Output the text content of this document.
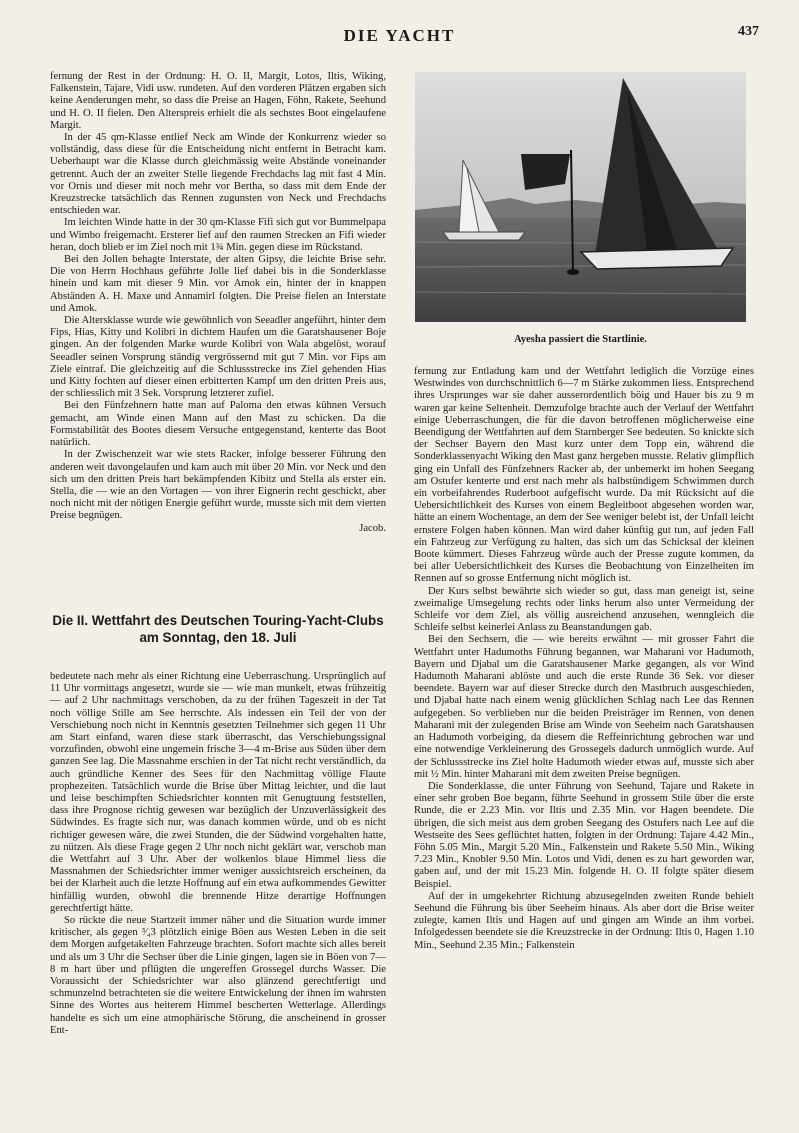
DIE YACHT	437

fernung der Rest in der Ordnung: H. O. II, Margit, Lotos, Iltis, Wiking, Falkenstein, Tajare, Vidi usw. rundeten. Auf den vorderen Plätzen ergaben sich keine Aenderungen mehr, so dass die Preise an Hagen, Föhn, Rakete, Seehund und H. O. II fielen. Den Alterspreis erhielt die als sechstes Boot eingelaufene Margit.

In der 45 qm-Klasse entlief Neck am Winde der Konkurrenz wieder so vollständig, dass diese für die Entscheidung nicht entfernt in Betracht kam. Ueberhaupt war die Klasse durch gleichmässig weite Abstände voneinander getrennt. Auch der an zweiter Stelle liegende Frechdachs lag mit fast 4 Min. vor Ornis und dieser mit noch mehr vor Bertha, so dass mit dem Ende der Kreuzstrecke tatsächlich das Rennen zugunsten von Neck und Frechdachs entschieden war.

Im leichten Winde hatte in der 30 qm-Klasse Fifi sich gut vor Bummelpapa und Wimbo freigemacht. Ersterer lief auf den raumen Strecken an Fifi wieder heran, doch blieb er im Ziel noch mit 1¾ Min. gegen diese im Rückstand.

Bei den Jollen behagte Interstate, der alten Gipsy, die leichte Brise sehr. Die von Herrn Hochhaus geführte Jolle lief dabei bis in die Sonderklasse hinein und kam mit dieser 9 Min. vor Amok ein, hinter der in knappen Abständen A. H. Maxe und Annamirl folgten. Die Preise fielen an Interstate und Amok.

Die Altersklasse wurde wie gewöhnlich von Seeadler angeführt, hinter dem Fips, Hias, Kitty und Kolibri in dichtem Haufen um die Garatshausener Boje gingen. An der folgenden Marke wurde Kolibri von Wala abgelöst, worauf Seeadler seinen Vorsprung ständig vergrössernd mit gut 7 Min. vor Fips am Ziele eintraf. Die gleichzeitig auf die Schlussstrecke ins Ziel gehenden Hias und Kitty fochten auf dieser einen erbitterten Kampf um den dritten Preis aus, der schliesslich mit 3 Sek. Vorsprung letzterer zufiel.

Bei den Fünfzehnern hatte man auf Paloma den etwas kühnen Versuch gemacht, am Winde einen Mann auf den Mast zu schicken. Da die Formstabilität des Bootes diesem Versuche entgegenstand, kenterte das Boot natürlich.

In der Zwischenzeit war wie stets Racker, infolge besserer Führung den anderen weit davongelaufen und kam auch mit über 20 Min. vor Neck und den sich um den dritten Preis hart bekämpfenden Kibitz und Stella als erster ein. Stella, die — wie an den Vortagen — von ihrer Eignerin recht geschickt, aber noch nicht mit der nötigen Energie geführt wurde, musste sich mit dem vierten Preise begnügen.

Jacob.

Die II. Wettfahrt des Deutschen Touring-Yacht-Clubs am Sonntag, den 18. Juli

bedeutete nach mehr als einer Richtung eine Ueberraschung. Ursprünglich auf 11 Uhr vormittags angesetzt, wurde sie — wie man munkelt, etwas frühzeitig — auf 2 Uhr nachmittags verschoben, da zu der frühen Tageszeit in der Tat noch völlige Stille am See herrschte. Als indessen ein Teil der von der Verschiebung noch nicht in Kenntnis gesetzten Teilnehmer sich gegen 11 Uhr am Start einfand, waren diese stark überrascht, das Verschiebungssignal vorzufinden, obwohl eine ungemein frische 3—4 m-Brise aus Süden über dem ganzen See lag. Die Massnahme erschien in der Tat nicht recht verständlich, da auch gründliche Kenner des Sees für den Nachmittag völlige Flaute prophezeiten. Tatsächlich wurde die Brise über Mittag leichter, und die laut und leise beschimpften Schiedsrichter konnten mit Genugtuung feststellen, dass ihre Prognose richtig gewesen war bezüglich der Unzuverlässigkeit des Südwindes. Es fragte sich nur, was danach kommen würde, und ob es nicht richtiger gewesen wäre, die zwei Stunden, die der Südwind vorgehalten hatte, zu nützen. Als diese Frage gegen 2 Uhr noch nicht geklärt war, verschob man die Wettfahrt auf 3 Uhr. Aber der wolkenlos blaue Himmel liess die Massnahmen der Schiedsrichter immer weniger aussichtsreich erscheinen, da bei der Klarheit auch die letzte Hoffnung auf ein etwa aufkommendes Gewitter hinfällig wurden, obwohl die brennende Hitze derartige Hoffnungen gerechtfertigt hätte.

So rückte die neue Startzeit immer näher und die Situation wurde immer kritischer, als gegen ³⁄₄3 plötzlich einige Böen aus Westen Leben in die seit dem Morgen aufgetakelten Fahrzeuge brachten. Sofort machte sich alles bereit und als um 3 Uhr die Sechser über die Linie gingen, lagen sie in Böen von 7—8 m hart über und pflügten die ungereffen Grossegel durchs Wasser. Die Voraussicht der Schiedsrichter war also glänzend gerechtfertigt und schmunzelnd betrachteten sie die weitere Entwickelung der ihnen im wahrsten Sinne des Wortes aus heiterem Himmel bescherten Wetterlage. Allerdings handelte es sich um eine atmophärische Störung, die anscheinend in grosser Ent-

Ayesha passiert die Startlinie.

fernung zur Entladung kam und der Wettfahrt lediglich die Vorzüge eines Westwindes von durchschnittlich 6—7 m Stärke zukommen liess. Entsprechend ihres Ursprunges war sie daher ausserordentlich böig und Hauer bis zu 9 m waren gar keine Seltenheit. Demzufolge brachte auch der Verlauf der Wettfahrt einige Ueberraschungen, die für die davon betroffenen möglicherweise eine Beendigung der Wettfahrten auf dem Starnberger See bedeuten. So knickte sich der Sechser Bayern den Mast kurz unter dem Topp ein, während die Sonderklassenyacht Wiking den Mast ganz hergeben musste. Relativ glimpflich ging ein Unfall des Fünfzehners Racker ab, der unbemerkt im hohen Seegang am Ostufer kenterte und erst nach mehr als halbstündigem Schwimmen durch ein vorbeifahrendes Ruderboot aufgefischt wurde. Da mit Rücksicht auf die Uebersichtlichkeit des Kurses von einem Begleitboot abgesehen worden war, hätte an einem Wochentage, an dem der See weniger belebt ist, der Unfall leicht ernstere Folgen haben können. Man wird daher künftig gut tun, auf jeden Fall ein Fahrzeug zur Verfügung zu halten, das sich um das Schicksal der kleinen Boote kümmert. Dieses Fahrzeug würde auch der Presse zugute kommen, da bei aller Uebersichtlichkeit des Kurses die Beobachtung von Einzelheiten im Rennen auf so grosse Entfernung nicht möglich ist.

Der Kurs selbst bewährte sich wieder so gut, dass man geneigt ist, seine zweimalige Umsegelung rechts oder links herum also unter Vermeidung der Schleife vor dem Ziel, als völlig ausreichend anzusehen, wenngleich die Schleife selbst keinerlei Anlass zu Beanstandungen gab.

Bei den Sechsern, die — wie bereits erwähnt — mit grosser Fahrt die Wettfahrt unter Hadumoths Führung begannen, war Maharani vor Hadumoth, Bayern und Djabal um die Garatshausener Marke gegangen, als vor Wind Hadumoth Maharani ablöste und auch die erste Runde 36 Sek. vor dieser beendete. Bayern war auf dieser Strecke durch den Mastbruch ausgeschieden, und Djabal hatte nach einem wenig glücklichen Schlag nach Lee das Rennen aufgegeben. So verblieben nur die beiden Preisträger im Rennen, von denen Maharani mit der zulegenden Brise am Winde von Seeheim nach Garatshausen an Hadumoth vorbeiging, da diesem die Reffeinrichtung gebrochen war und eine notwendige Verkleinerung des Grossegels dadurch unmöglich wurde. Auf der Schlussstrecke ins Ziel holte Hadumoth wieder etwas auf, musste sich aber mit ½ Min. hinter Maharani mit dem zweiten Preise begnügen.

Die Sonderklasse, die unter Führung von Seehund, Tajare und Rakete in einer sehr groben Boe begann, führte Seehund in grossem Stile über die erste Runde, die er 2.23 Min. vor Iltis und 2.35 Min. vor Hagen beendete. Die übrigen, die sich meist aus dem groben Seegang des Ostufers nach Lee auf die Westseite des Sees geflüchtet hatten, folgten in der Ordnung: Tajare 4.42 Min., Föhn 5.05 Min., Margit 5.20 Min., Falkenstein und Rakete 5.50 Min., Wiking 7.23 Min., Knobler 9.50 Min. Lotos und Vidi, denen es zu hart geworden war, gaben auf, und der mit 15.23 Min. folgende H. O. II folgte später diesem Beispiel.

Auf der in umgekehrter Richtung abzusegelnden zweiten Runde behielt Seehund die Führung bis über Seeheim hinaus. Als aber dort die Brise weiter zulegte, kamen Iltis und Hagen auf und gingen am Winde an ihm vorbei. Infolgedessen beendete sie die Kreuzstrecke in der Ordnung: Iltis 0, Hagen 1.10 Min., Seehund 2.35 Min.; Falkenstein
